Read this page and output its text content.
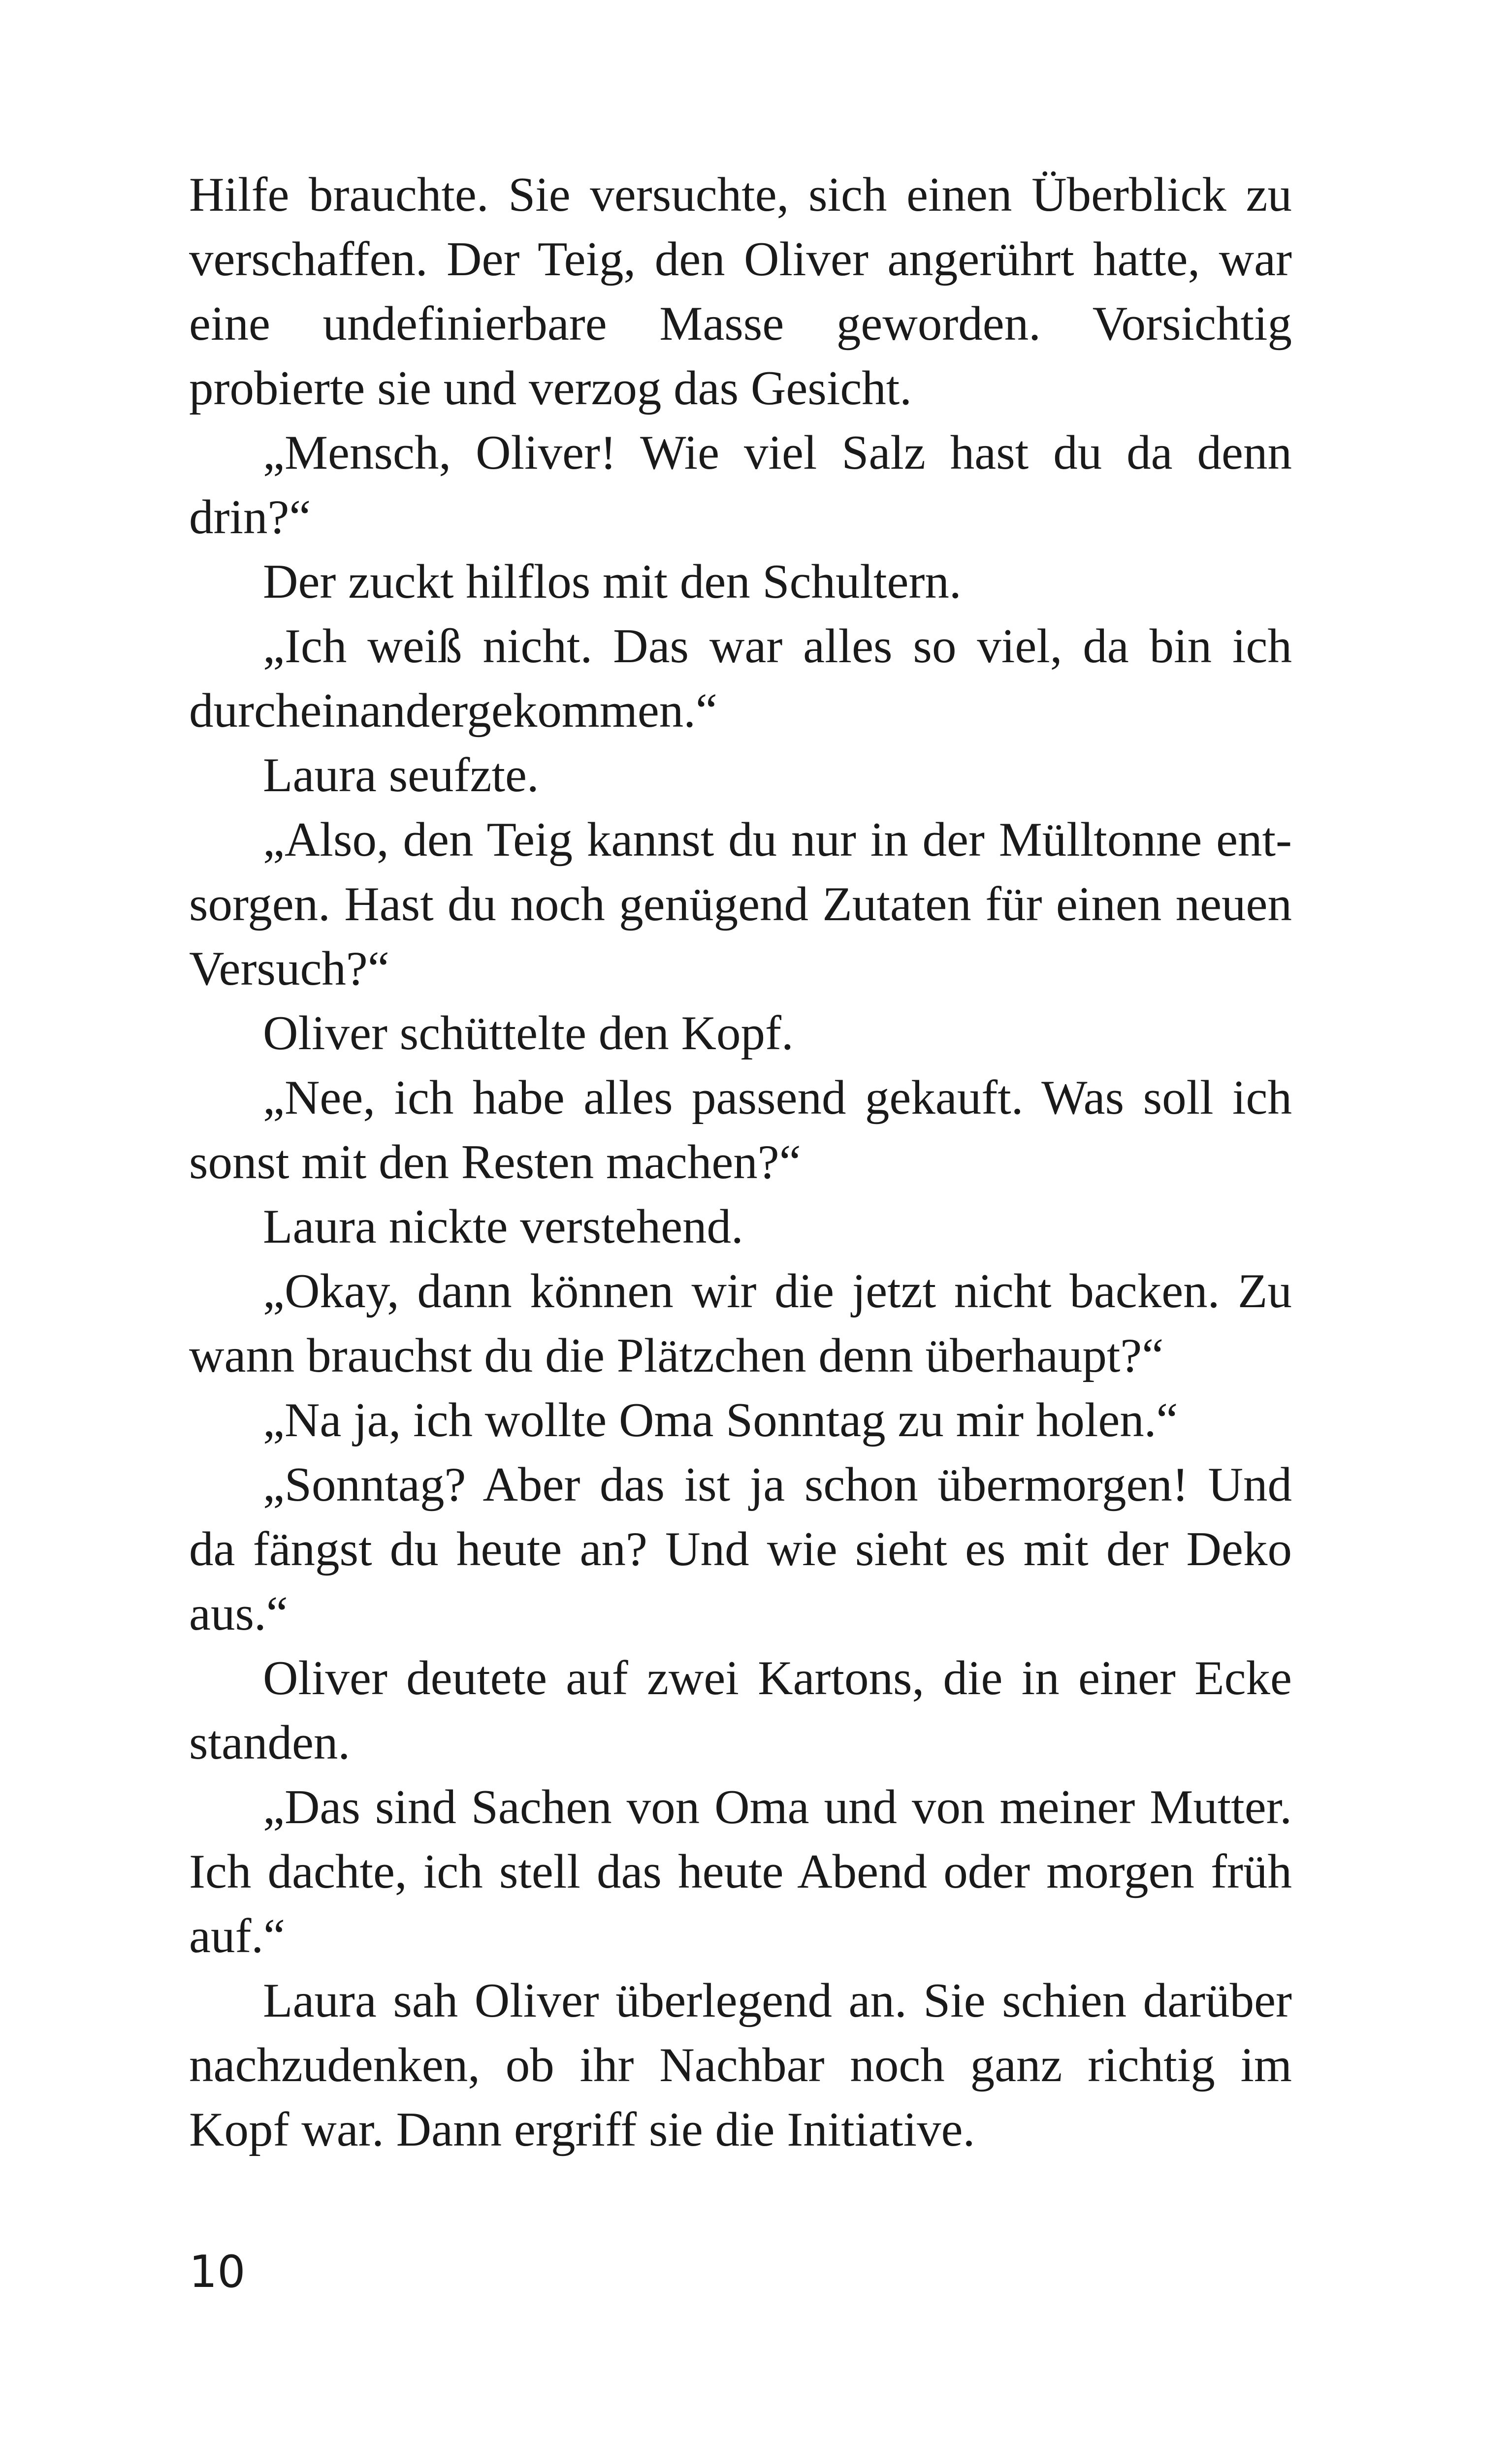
Hilfe brauchte. Sie versuchte, sich einen Überblick zu verschaffen. Der Teig, den Oliver angerührt hatte, war eine undefinierbare Masse geworden. Vorsichtig probierte sie und verzog das Gesicht.

„Mensch, Oliver! Wie viel Salz hast du da denn drin?“

Der zuckt hilflos mit den Schultern.

„Ich weiß nicht. Das war alles so viel, da bin ich durcheinandergekommen.“

Laura seufzte.

„Also, den Teig kannst du nur in der Mülltonne entsorgen. Hast du noch genügend Zutaten für einen neuen Versuch?“

Oliver schüttelte den Kopf.

„Nee, ich habe alles passend gekauft. Was soll ich sonst mit den Resten machen?“

Laura nickte verstehend.

„Okay, dann können wir die jetzt nicht backen. Zu wann brauchst du die Plätzchen denn überhaupt?“

„Na ja, ich wollte Oma Sonntag zu mir holen.“

„Sonntag? Aber das ist ja schon übermorgen! Und da fängst du heute an? Und wie sieht es mit der Deko aus.“

Oliver deutete auf zwei Kartons, die in einer Ecke standen.

„Das sind Sachen von Oma und von meiner Mutter. Ich dachte, ich stell das heute Abend oder morgen früh auf.“

Laura sah Oliver überlegend an. Sie schien darüber nachzudenken, ob ihr Nachbar noch ganz richtig im Kopf war. Dann ergriff sie die Initiative.

10
